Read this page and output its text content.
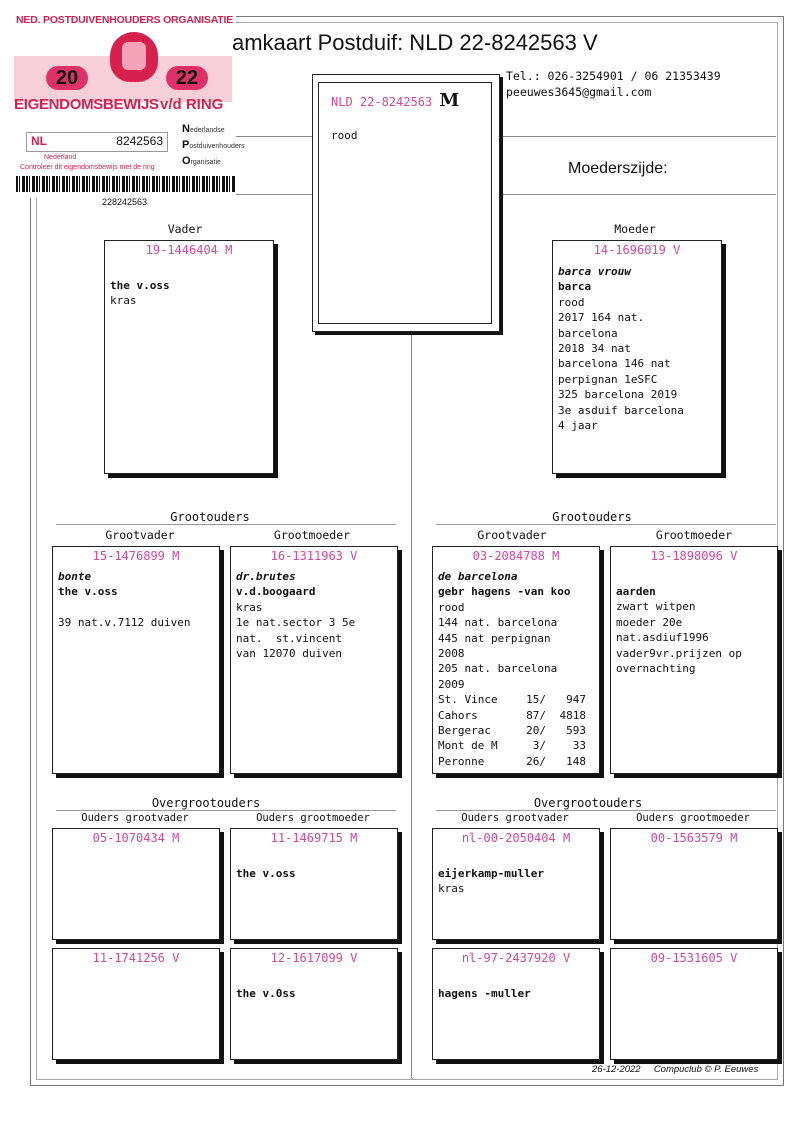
NED. POSTDUIVENHOUDERS ORGANISATIE
20	22
EIGENDOMSBEWIJS v/d RING
NL	8242563
Nederlandse
Postduivenhouders
Organisatie
Nederland
Controleer dit eigendomsbewijs met de ring
228242563
amkaart Postduif: NLD 22-8242563 V
Tel.: 026-3254901 / 06 21353439
peeuwes3645@gmail.com
Moederszijde:
NLD 22-8242563 M

rood
Vader	Moeder
19-1446404 M
the v.oss
kras
14-1696019 V
barca vrouw
barca
rood
2017 164 nat.
barcelona
2018 34 nat
barcelona 146 nat
perpignan 1eSFC
325 barcelona 2019
3e asduif barcelona
4 jaar
Grootouders	Grootouders
Grootvader	Grootmoeder	Grootvader	Grootmoeder
15-1476899 M
bonte
the v.oss

39 nat.v.7112 duiven
16-1311963 V
dr.brutes
v.d.boogaard
kras
1e nat.sector 3 5e
nat.  st.vincent
van 12070 duiven
03-2084788 M
de barcelona
gebr hagens -van koo
rood
144 nat. barcelona
445 nat perpignan
2008
205 nat. barcelona
2009
St. Vince	15/	947
Cahors	87/	4818
Bergerac	20/	593
Mont de M	3/	33
Peronne	26/	148
13-1898096 V
aarden
zwart witpen
moeder 20e
nat.asdiuf1996
vader9vr.prijzen op
overnachting
Overgrootouders	Overgrootouders
Ouders grootvader	Ouders grootmoeder	Ouders grootvader	Ouders grootmoeder
05-1070434 M	11-1469715 M
the v.oss
nl-00-2050404 M
eijerkamp-muller
kras
00-1563579 M
11-1741256 V	12-1617099 V
the v.0ss
nl-97-2437920 V
hagens -muller
09-1531605 V
26-12-2022 Compuclub © P. Eeuwes
